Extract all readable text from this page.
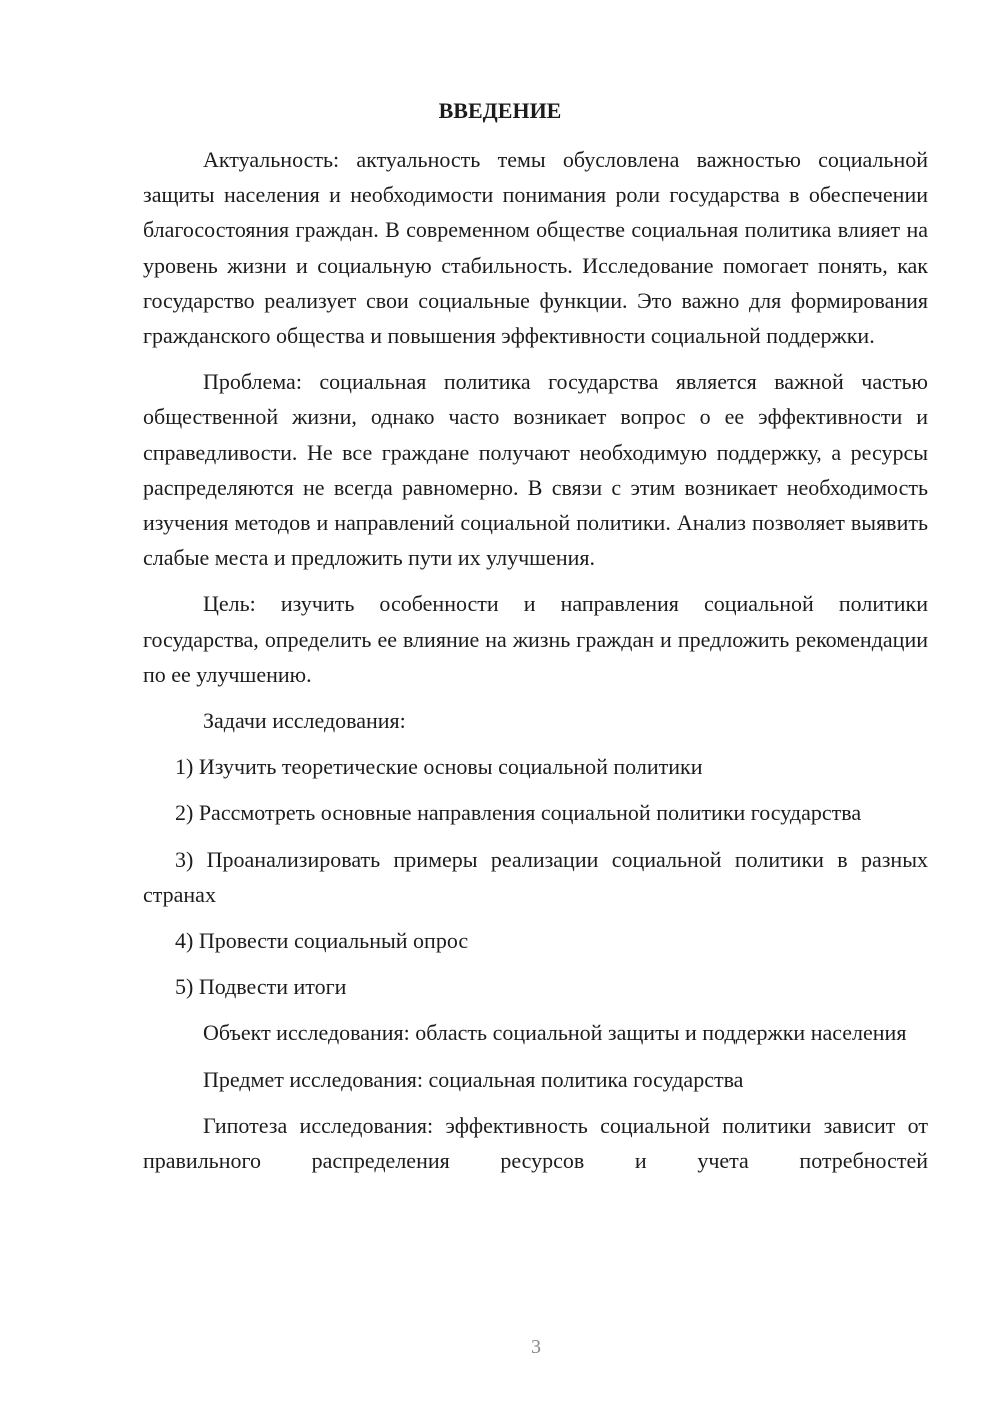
ВВЕДЕНИЕ

Актуальность: актуальность темы обусловлена важностью социальной защиты населения и необходимости понимания роли государства в обеспечении благосостояния граждан. В современном обществе социальная политика влияет на уровень жизни и социальную стабильность. Исследование помогает понять, как государство реализует свои социальные функции. Это важно для формирования гражданского общества и повышения эффективности социальной поддержки.

Проблема: социальная политика государства является важной частью общественной жизни, однако часто возникает вопрос о ее эффективности и справедливости. Не все граждане получают необходимую поддержку, а ресурсы распределяются не всегда равномерно. В связи с этим возникает необходимость изучения методов и направлений социальной политики. Анализ позволяет выявить слабые места и предложить пути их улучшения.

Цель: изучить особенности и направления социальной политики государства, определить ее влияние на жизнь граждан и предложить рекомендации по ее улучшению.

Задачи исследования:

1) Изучить теоретические основы социальной политики

2) Рассмотреть основные направления социальной политики государства

3) Проанализировать примеры реализации социальной политики в разных странах

4) Провести социальный опрос

5) Подвести итоги

Объект исследования: область социальной защиты и поддержки населения

Предмет исследования: социальная политика государства

Гипотеза исследования: эффективность социальной политики зависит от правильного распределения ресурсов и учета потребностей

3
